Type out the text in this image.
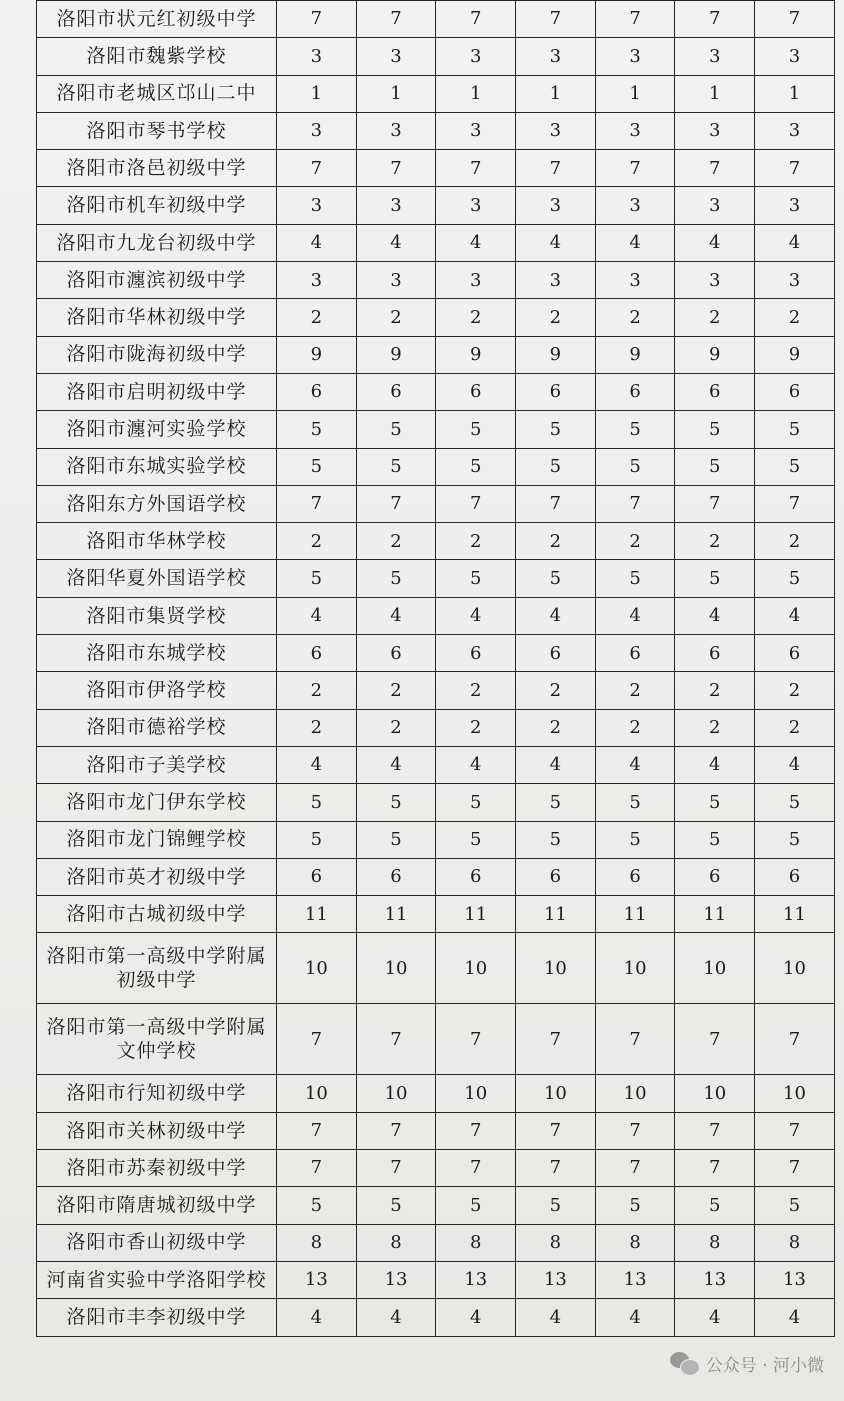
洛阳市状元红初级中学	7	7	7	7	7	7	7
洛阳市魏紫学校	3	3	3	3	3	3	3
洛阳市老城区邙山二中	1	1	1	1	1	1	1
洛阳市琴书学校	3	3	3	3	3	3	3
洛阳市洛邑初级中学	7	7	7	7	7	7	7
洛阳市机车初级中学	3	3	3	3	3	3	3
洛阳市九龙台初级中学	4	4	4	4	4	4	4
洛阳市瀍滨初级中学	3	3	3	3	3	3	3
洛阳市华林初级中学	2	2	2	2	2	2	2
洛阳市陇海初级中学	9	9	9	9	9	9	9
洛阳市启明初级中学	6	6	6	6	6	6	6
洛阳市瀍河实验学校	5	5	5	5	5	5	5
洛阳市东城实验学校	5	5	5	5	5	5	5
洛阳东方外国语学校	7	7	7	7	7	7	7
洛阳市华林学校	2	2	2	2	2	2	2
洛阳华夏外国语学校	5	5	5	5	5	5	5
洛阳市集贤学校	4	4	4	4	4	4	4
洛阳市东城学校	6	6	6	6	6	6	6
洛阳市伊洛学校	2	2	2	2	2	2	2
洛阳市德裕学校	2	2	2	2	2	2	2
洛阳市子美学校	4	4	4	4	4	4	4
洛阳市龙门伊东学校	5	5	5	5	5	5	5
洛阳市龙门锦鲤学校	5	5	5	5	5	5	5
洛阳市英才初级中学	6	6	6	6	6	6	6
洛阳市古城初级中学	11	11	11	11	11	11	11
洛阳市第一高级中学附属初级中学	10	10	10	10	10	10	10
洛阳市第一高级中学附属文仲学校	7	7	7	7	7	7	7
洛阳市行知初级中学	10	10	10	10	10	10	10
洛阳市关林初级中学	7	7	7	7	7	7	7
洛阳市苏秦初级中学	7	7	7	7	7	7	7
洛阳市隋唐城初级中学	5	5	5	5	5	5	5
洛阳市香山初级中学	8	8	8	8	8	8	8
河南省实验中学洛阳学校	13	13	13	13	13	13	13
洛阳市丰李初级中学	4	4	4	4	4	4	4
公众号 · 河小微
